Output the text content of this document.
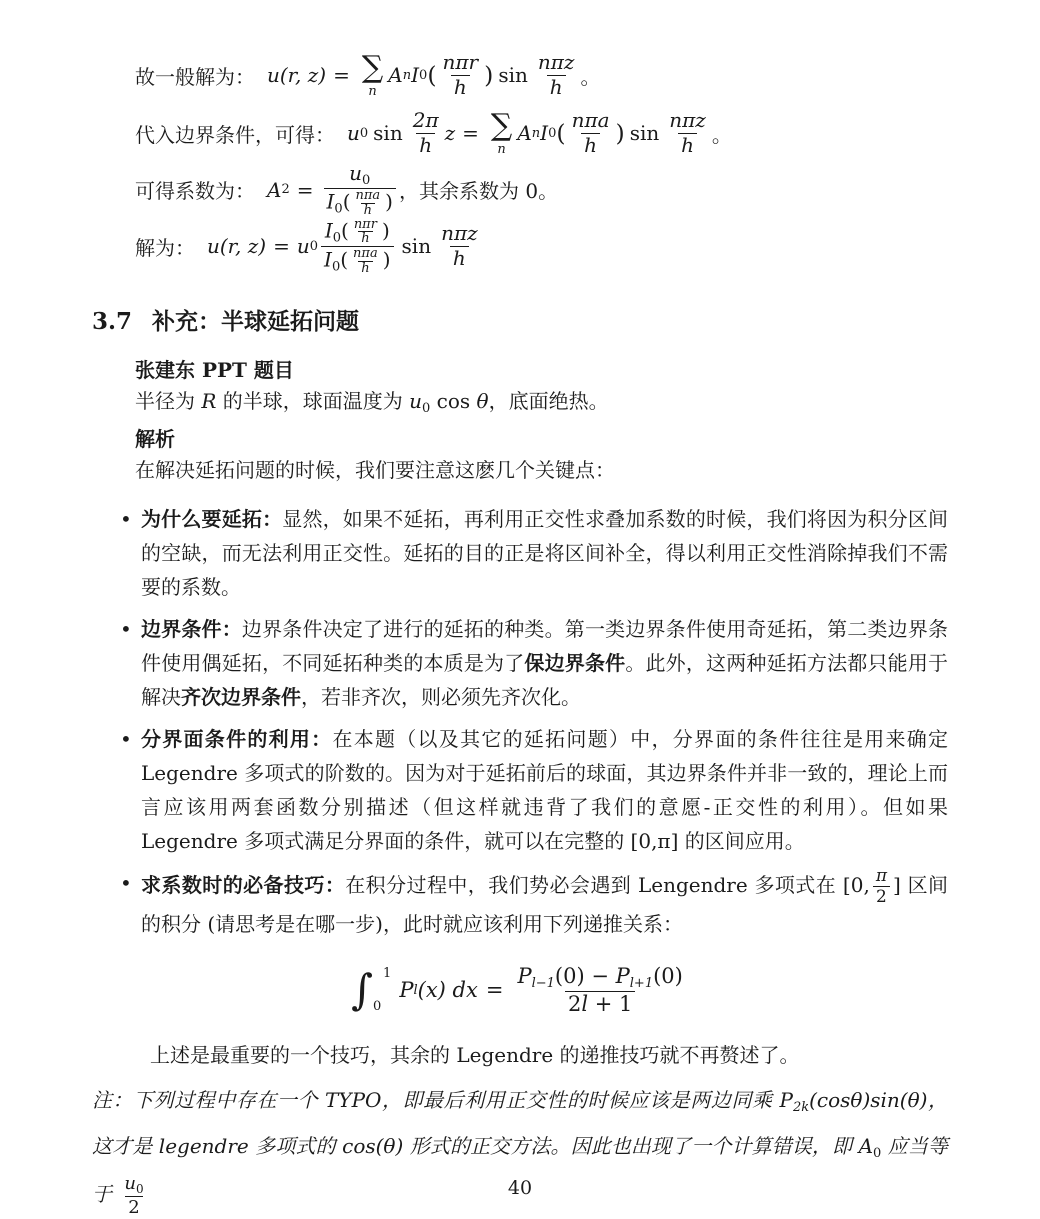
故一般解为： u(r, z) = ∑
n
A n I 0 ( $\frac{\text{nπr}}{h}$ ) $\sin \frac{\text{nπz}}{h}$ 。
代入边界条件，可得： u 0 $\sin \frac{2\pi}{h}$ z = ∑
n
A n I 0 ( $\frac{\text{nπa}}{h}$ ) $\sin \frac{\text{nπz}}{h}$ 。
可得系数为： A $2 = \frac{u_0}{I_0( \frac{\text{nπa}}{h} )}$ ，其余系数为 0。
解为： u(r, z) = u $0 \frac{I_0( \frac{\text{nπr}}{h} )}{I_0( \frac{\text{nπa}}{h} )}$ $\sin \frac{\text{nπz}}{h}$
3.7 补充：半球延拓问题
张建东 PPT 题目
半径为 R 的半球，球面温度为 $u_0$ cos θ，底面绝热。
解析
在解决延拓问题的时候，我们要注意这麽几个关键点：
• 为什么要延拓：显然，如果不延拓，再利用正交性求叠加系数的时候，我们将因为积分区间的空缺，而无法利用正交性。延拓的目的正是将区间补全，得以利用正交性消除掉我们不需要的系数。
• 边界条件：边界条件决定了进行的延拓的种类。第一类边界条件使用奇延拓，第二类边界条件使用偶延拓，不同延拓种类的本质是为了保边界条件。此外，这两种延拓方法都只能用于解决齐次边界条件，若非齐次，则必须先齐次化。
• 分界面条件的利用：在本题（以及其它的延拓问题）中，分界面的条件往往是用来确定 Legendre 多项式的阶数的。因为对于延拓前后的球面，其边界条件并非一致的，理论上而言应该用两套函数分别描述（但这样就违背了我们的意愿-正交性的利用）。但如果 Legendre 多项式满足分界面的条件，就可以在完整的 [0,π] 的区间应用。
• 求系数时的必备技巧：在积分过程中，我们势必会遇到 Lengendre 多项式在 [0, $\frac{\pi}{2}$ ] 区间的积分 (请思考是在哪一步)，此时就应该利用下列递推关系：
∫ 1
0
P l (x)
dx = $\frac{Pl-1(0) - Pl+1(0)}{2l + 1}$

上述是最重要的一个技巧，其余的 Legendre 的递推技巧就不再赘述了。

注：下列过程中存在一个 TYPO，即最后利用正交性的时候应该是两边同乘 $P_{2k}(\cos\theta)\sin(\theta)$，这才是 legendre 多项式的 cos(θ) 形式的正交方法。因此也出现了一个计算错误，即 $A_0$ 应当等于 $\frac{u_0}{2}$	40
